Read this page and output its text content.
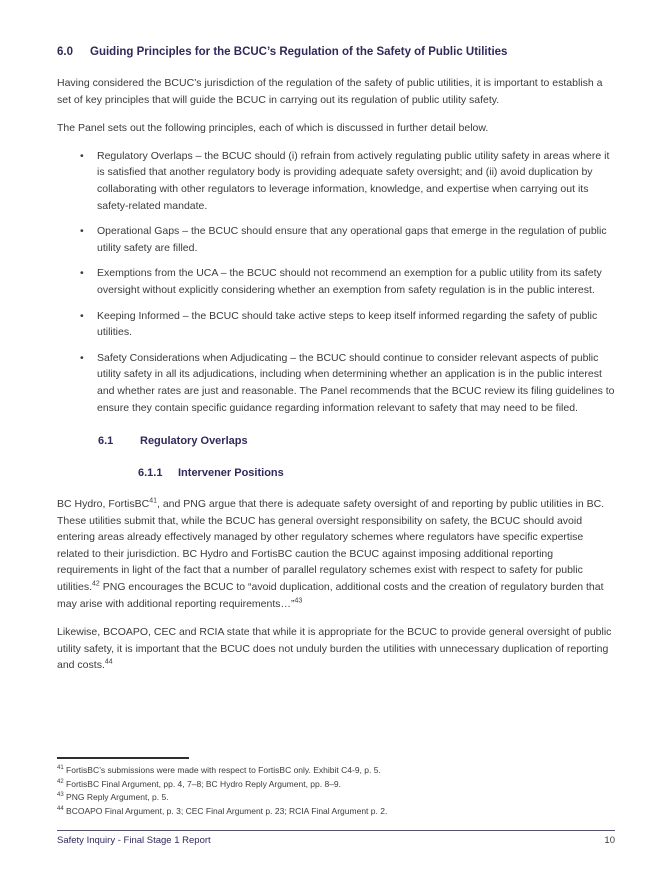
6.0	Guiding Principles for the BCUC’s Regulation of the Safety of Public Utilities

Having considered the BCUC’s jurisdiction of the regulation of the safety of public utilities, it is important to establish a set of key principles that will guide the BCUC in carrying out its regulation of public utility safety.

The Panel sets out the following principles, each of which is discussed in further detail below.

• Regulatory Overlaps – the BCUC should (i) refrain from actively regulating public utility safety in areas where it is satisfied that another regulatory body is providing adequate safety oversight; and (ii) avoid duplication by collaborating with other regulators to leverage information, knowledge, and expertise when carrying out its safety-related mandate.
• Operational Gaps – the BCUC should ensure that any operational gaps that emerge in the regulation of public utility safety are filled.
• Exemptions from the UCA – the BCUC should not recommend an exemption for a public utility from its safety oversight without explicitly considering whether an exemption from safety regulation is in the public interest.
• Keeping Informed – the BCUC should take active steps to keep itself informed regarding the safety of public utilities.
• Safety Considerations when Adjudicating – the BCUC should continue to consider relevant aspects of public utility safety in all its adjudications, including when determining whether an application is in the public interest and whether rates are just and reasonable. The Panel recommends that the BCUC review its filing guidelines to ensure they contain specific guidance regarding information relevant to safety that may need to be filed.
6.1	Regulatory Overlaps
6.1.1	Intervener Positions

BC Hydro, FortisBC$^{41}$, and PNG argue that there is adequate safety oversight of and reporting by public utilities in BC. These utilities submit that, while the BCUC has general oversight responsibility on safety, the BCUC should avoid entering areas already effectively managed by other regulatory schemes where regulators have specific expertise related to their jurisdiction. BC Hydro and FortisBC caution the BCUC against imposing additional reporting requirements in light of the fact that a number of parallel regulatory schemes exist with respect to safety for public utilities.$^{42}$ PNG encourages the BCUC to “avoid duplication, additional costs and the creation of regulatory burden that may arise with additional reporting requirements…”$^{43}$

Likewise, BCOAPO, CEC and RCIA state that while it is appropriate for the BCUC to provide general oversight of public utility safety, it is important that the BCUC does not unduly burden the utilities with unnecessary duplication of reporting and costs.$^{44}$

$^{41}$ FortisBC’s submissions were made with respect to FortisBC only. Exhibit C4-9, p. 5.
$^{42}$ FortisBC Final Argument, pp. 4, 7–8; BC Hydro Reply Argument, pp. 8–9.
$^{43}$ PNG Reply Argument, p. 5.
$^{44}$ BCOAPO Final Argument, p. 3; CEC Final Argument p. 23; RCIA Final Argument p. 2.
Safety Inquiry - Final Stage 1 Report	10
